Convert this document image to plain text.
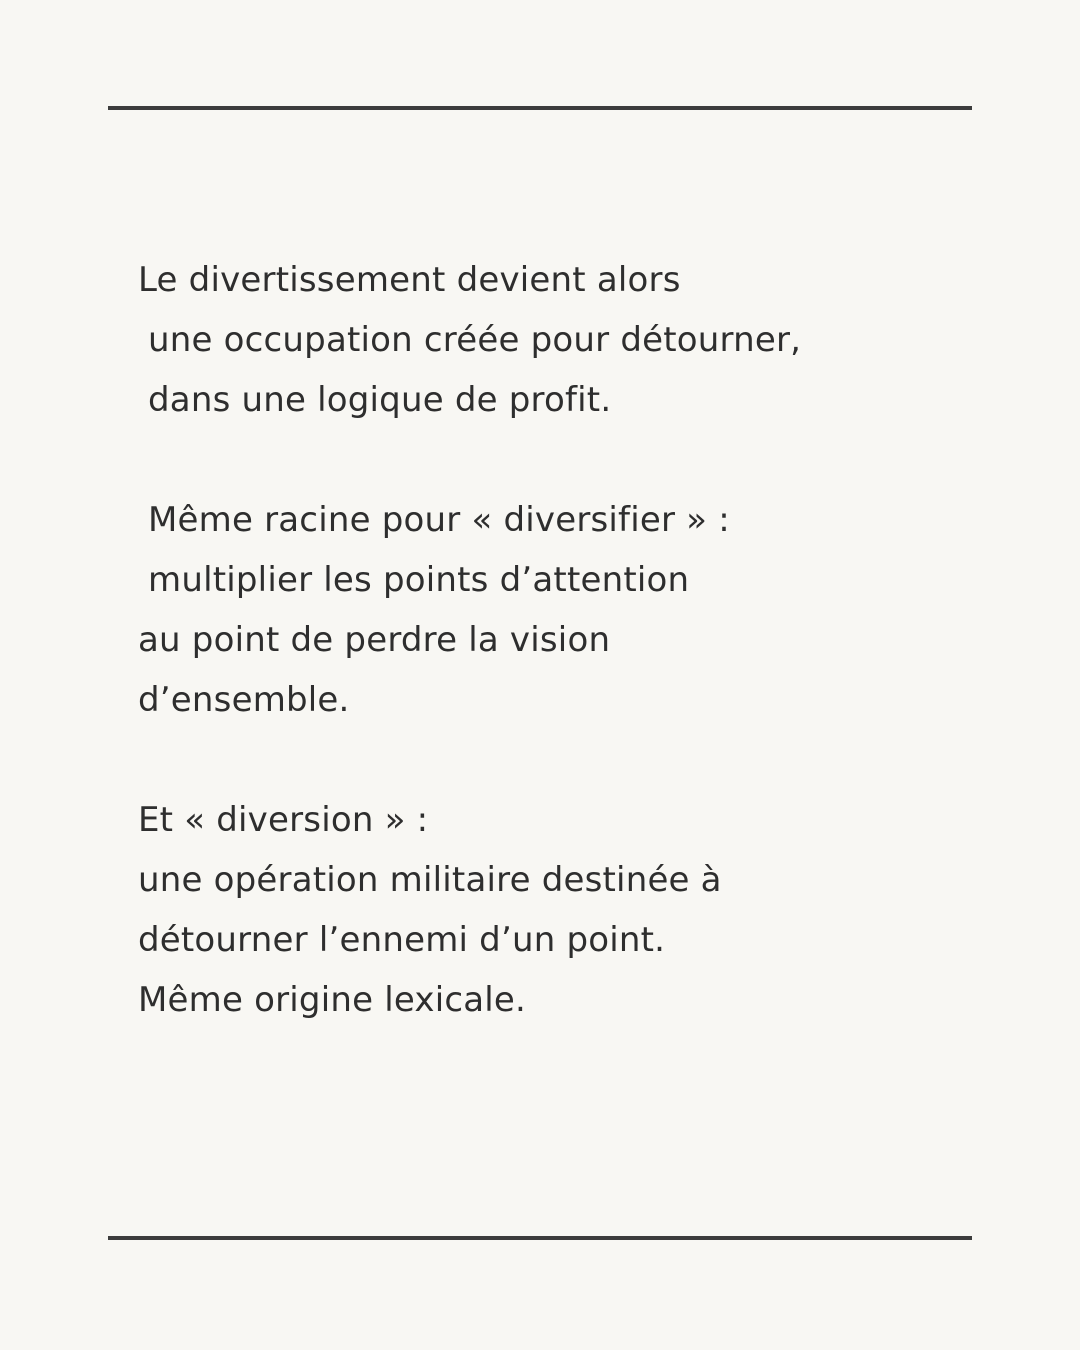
Le divertissement devient alors
une occupation créée pour détourner,
dans une logique de profit.
Même racine pour « diversifier » :
multiplier les points d’attention
au point de perdre la vision
d’ensemble.
Et « diversion » :
une opération militaire destinée à
détourner l’ennemi d’un point.
Même origine lexicale.
